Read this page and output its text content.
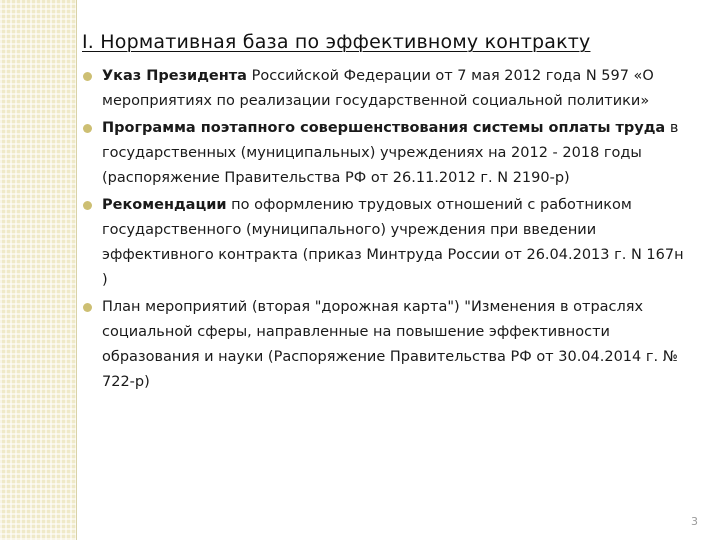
I. Нормативная база по эффективному контракту
Указ Президента Российской Федерации от 7 мая 2012 года N 597 «О мероприятиях по реализации государственной социальной политики»
Программа поэтапного совершенствования системы оплаты труда в государственных (муниципальных) учреждениях на 2012 - 2018 годы (распоряжение Правительства РФ от 26.11.2012 г. N 2190-р)
Рекомендации по оформлению трудовых отношений с работником государственного (муниципального) учреждения при введении эффективного контракта (приказ Минтруда России от 26.04.2013 г. N 167н )
План мероприятий (вторая "дорожная карта") "Изменения в отраслях социальной сферы, направленные на повышение эффективности образования и науки (Распоряжение Правительства РФ от 30.04.2014 г. № 722-р)
3
